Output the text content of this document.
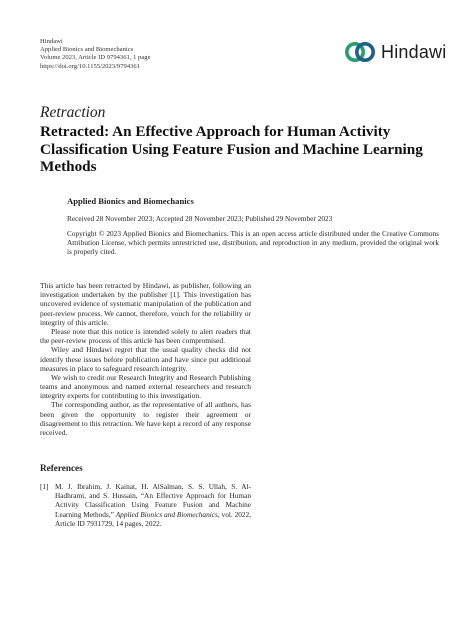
Hindawi
Applied Bionics and Biomechanics
Volume 2023, Article ID 9794361, 1 page
https://doi.org/10.1155/2023/9794361
Hindawi
Retraction
Retracted: An Effective Approach for Human Activity Classification Using Feature Fusion and Machine Learning Methods
Applied Bionics and Biomechanics
Received 28 November 2023; Accepted 28 November 2023; Published 29 November 2023
Copyright © 2023 Applied Bionics and Biomechanics. This is an open access article distributed under the Creative Commons Attribution License, which permits unrestricted use, distribution, and reproduction in any medium, provided the original work is properly cited.

This article has been retracted by Hindawi, as publisher, following an investigation undertaken by the publisher [1]. This investigation has uncovered evidence of systematic manipulation of the publication and peer-review process. We cannot, therefore, vouch for the reliability or integrity of this article.

Please note that this notice is intended solely to alert readers that the peer-review process of this article has been compromised.

Wiley and Hindawi regret that the usual quality checks did not identify these issues before publication and have since put additional measures in place to safeguard research integrity.

We wish to credit our Research Integrity and Research Publishing teams and anonymous and named external researchers and research integrity experts for contributing to this investigation.

The corresponding author, as the representative of all authors, has been given the opportunity to register their agreement or disagreement to this retraction. We have kept a record of any response received.

References
[1] M. J. Ibrahim, J. Kainat, H. AlSalman, S. S. Ullah, S. Al-Hadhrami, and S. Hussain, “An Effective Approach for Human Activity Classification Using Feature Fusion and Machine Learning Methods,” Applied Bionics and Biomechanics, vol. 2022, Article ID 7931729, 14 pages, 2022.
